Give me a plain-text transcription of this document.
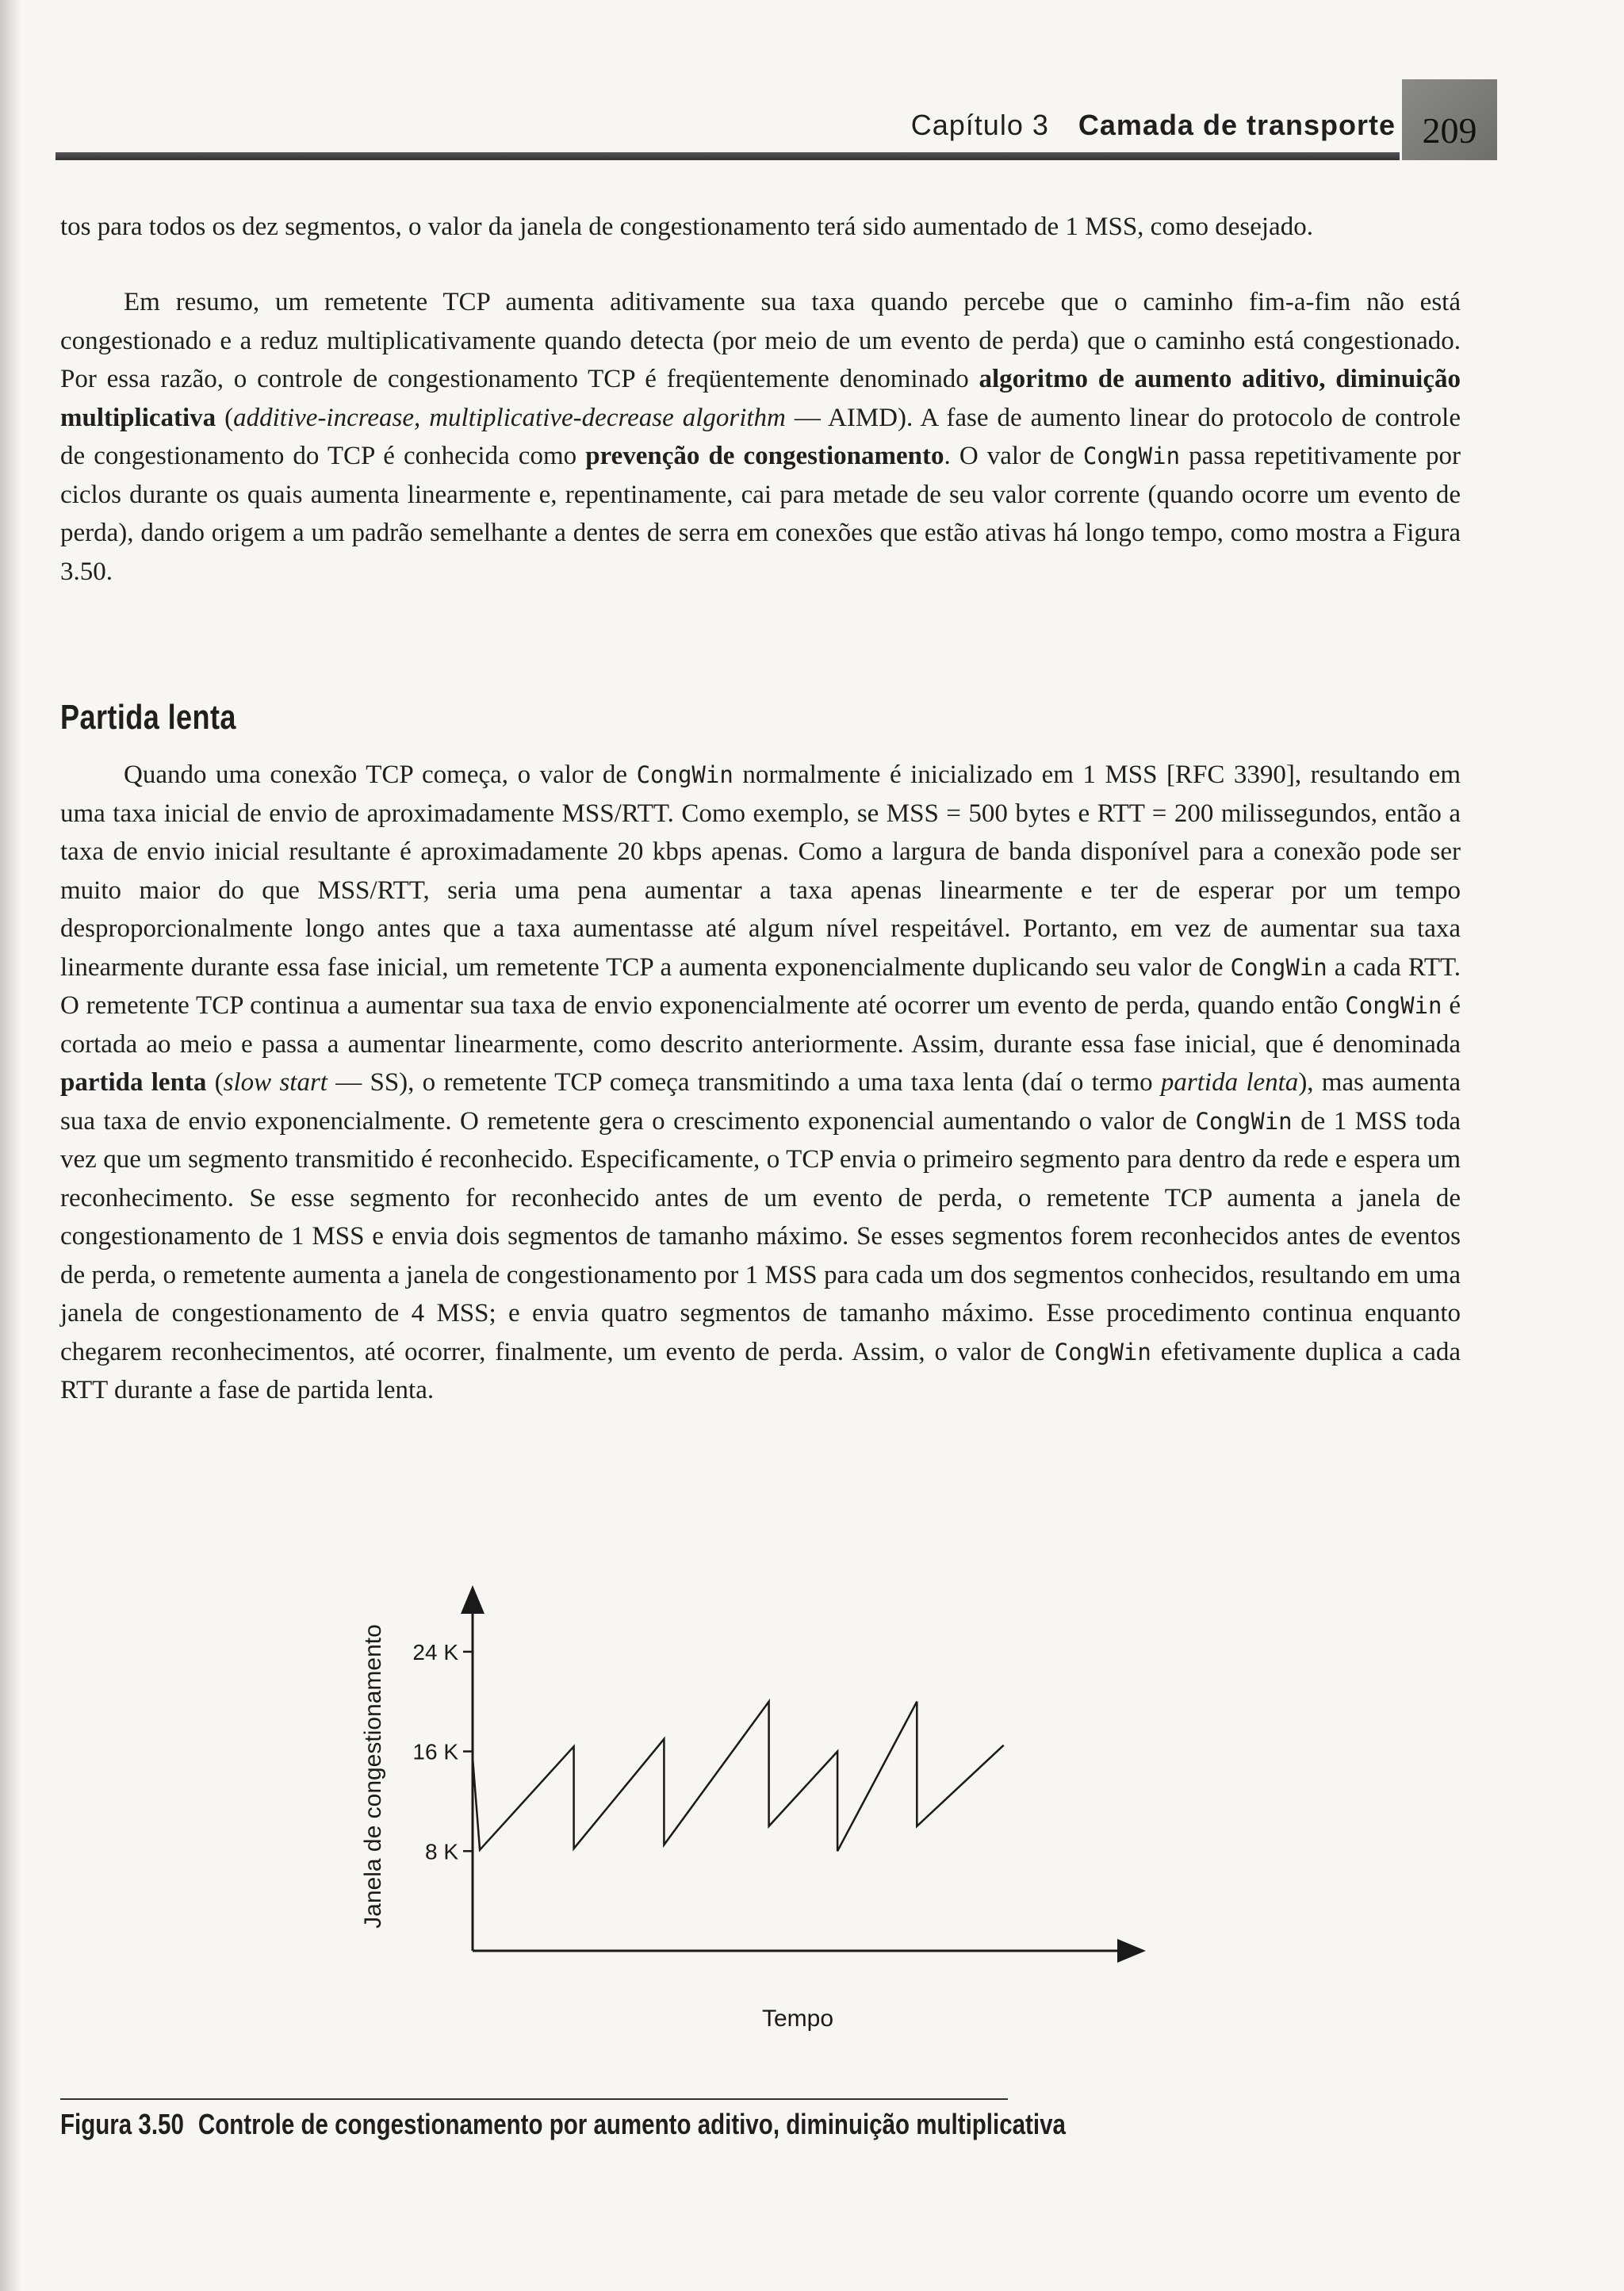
Capítulo 3 Camada de transporte 209

tos para todos os dez segmentos, o valor da janela de congestionamento terá sido aumentado de 1 MSS, como desejado.

Em resumo, um remetente TCP aumenta aditivamente sua taxa quando percebe que o caminho fim-a-fim não está congestionado e a reduz multiplicativamente quando detecta (por meio de um evento de perda) que o caminho está congestionado. Por essa razão, o controle de congestionamento TCP é freqüentemente denominado algoritmo de aumento aditivo, diminuição multiplicativa (additive-increase, multiplicative-decrease algorithm — AIMD). A fase de aumento linear do protocolo de controle de congestionamento do TCP é conhecida como prevenção de congestionamento. O valor de CongWin passa repetitivamente por ciclos durante os quais aumenta linearmente e, repentinamente, cai para metade de seu valor corrente (quando ocorre um evento de perda), dando origem a um padrão semelhante a dentes de serra em conexões que estão ativas há longo tempo, como mostra a Figura 3.50.

Partida lenta

Quando uma conexão TCP começa, o valor de CongWin normalmente é inicializado em 1 MSS [RFC 3390], resultando em uma taxa inicial de envio de aproximadamente MSS/RTT. Como exemplo, se MSS = 500 bytes e RTT = 200 milissegundos, então a taxa de envio inicial resultante é aproximadamente 20 kbps apenas. Como a largura de banda disponível para a conexão pode ser muito maior do que MSS/RTT, seria uma pena aumentar a taxa apenas linearmente e ter de esperar por um tempo desproporcionalmente longo antes que a taxa aumentasse até algum nível respeitável. Portanto, em vez de aumentar sua taxa linearmente durante essa fase inicial, um remetente TCP a aumenta exponencialmente duplicando seu valor de CongWin a cada RTT. O remetente TCP continua a aumentar sua taxa de envio exponencialmente até ocorrer um evento de perda, quando então CongWin é cortada ao meio e passa a aumentar linearmente, como descrito anteriormente. Assim, durante essa fase inicial, que é denominada partida lenta (slow start — SS), o remetente TCP começa transmitindo a uma taxa lenta (daí o termo partida lenta), mas aumenta sua taxa de envio exponencialmente. O remetente gera o crescimento exponencial aumentando o valor de CongWin de 1 MSS toda vez que um segmento transmitido é reconhecido. Especificamente, o TCP envia o primeiro segmento para dentro da rede e espera um reconhecimento. Se esse segmento for reconhecido antes de um evento de perda, o remetente TCP aumenta a janela de congestionamento de 1 MSS e envia dois segmentos de tamanho máximo. Se esses segmentos forem reconhecidos antes de eventos de perda, o remetente aumenta a janela de congestionamento por 1 MSS para cada um dos segmentos conhecidos, resultando em uma janela de congestionamento de 4 MSS; e envia quatro segmentos de tamanho máximo. Esse procedimento continua enquanto chegarem reconhecimentos, até ocorrer, finalmente, um evento de perda. Assim, o valor de CongWin efetivamente duplica a cada RTT durante a fase de partida lenta.

Janela de congestionamento
Tempo
8 K
16 K
24 K

Figura 3.50 Controle de congestionamento por aumento aditivo, diminuição multiplicativa
